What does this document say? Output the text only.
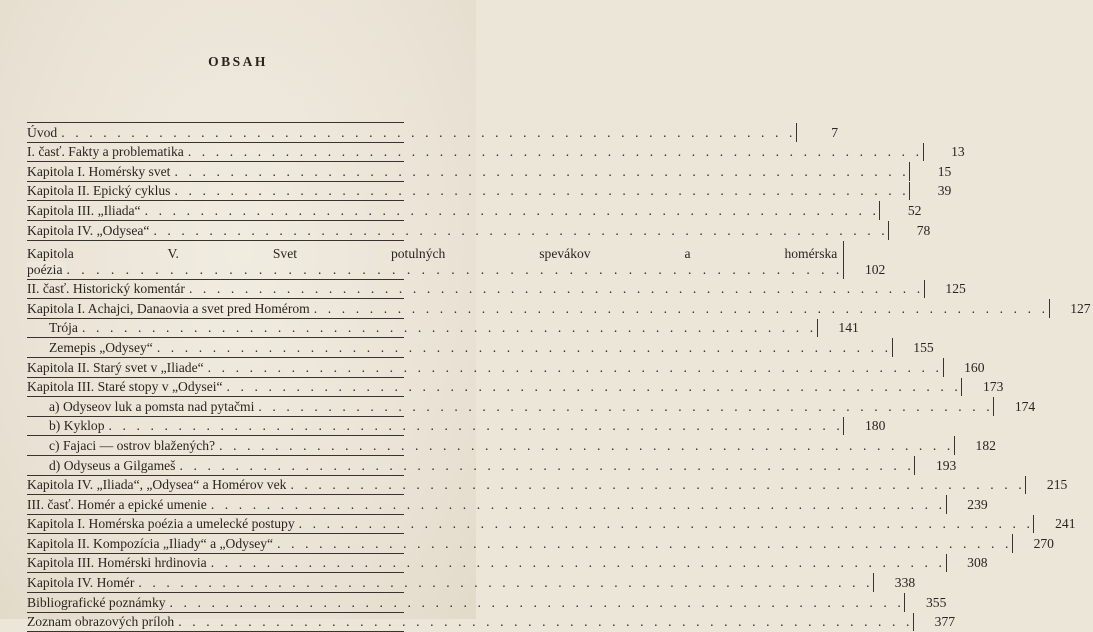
OBSAH
Úvod . . . . . . . . . . . . . . . . . . . . . . . . . . . . . . . . . . . . . . . . . . . . . . . . . . . . .	7
I. časť. Fakty a problematika . . . . . . . . . . . . . . . . . . . . . . . . . . . . . . . . . . . . . . . . . . . . . . . . . . . . .	13
Kapitola I. Homérsky svet . . . . . . . . . . . . . . . . . . . . . . . . . . . . . . . . . . . . . . . . . . . . . . . . . . . . .	15
Kapitola II. Epický cyklus . . . . . . . . . . . . . . . . . . . . . . . . . . . . . . . . . . . . . . . . . . . . . . . . . . . . .	39
Kapitola III. „Iliada“ . . . . . . . . . . . . . . . . . . . . . . . . . . . . . . . . . . . . . . . . . . . . . . . . . . . . .	52
Kapitola IV. „Odysea“ . . . . . . . . . . . . . . . . . . . . . . . . . . . . . . . . . . . . . . . . . . . . . . . . . . . . .	78
Kapitola V. Svet potulných spevákov a homérska
poézia . . . . . . . . . . . . . . . . . . . . . . . . . . . . . . . . . . . . . . . . . . . . . . . . . . . . .	102
II. časť. Historický komentár . . . . . . . . . . . . . . . . . . . . . . . . . . . . . . . . . . . . . . . . . . . . . . . . . . . . .	125
Kapitola I. Achajci, Danaovia a svet pred Homérom . . . . . . . . . . . . . . . . . . . . . . . . . . . . . . . . . . . . . . . . . . . . . . . . . . . . .	127
Trója . . . . . . . . . . . . . . . . . . . . . . . . . . . . . . . . . . . . . . . . . . . . . . . . . . . . .	141
Zemepis „Odysey“ . . . . . . . . . . . . . . . . . . . . . . . . . . . . . . . . . . . . . . . . . . . . . . . . . . . . .	155
Kapitola II. Starý svet v „Iliade“ . . . . . . . . . . . . . . . . . . . . . . . . . . . . . . . . . . . . . . . . . . . . . . . . . . . . .	160
Kapitola III. Staré stopy v „Odysei“ . . . . . . . . . . . . . . . . . . . . . . . . . . . . . . . . . . . . . . . . . . . . . . . . . . . . .	173
a) Odyseov luk a pomsta nad pytačmi . . . . . . . . . . . . . . . . . . . . . . . . . . . . . . . . . . . . . . . . . . . . . . . . . . . . .	174
b) Kyklop . . . . . . . . . . . . . . . . . . . . . . . . . . . . . . . . . . . . . . . . . . . . . . . . . . . . .	180
c) Fajaci — ostrov blažených? . . . . . . . . . . . . . . . . . . . . . . . . . . . . . . . . . . . . . . . . . . . . . . . . . . . . .	182
d) Odyseus a Gilgameš . . . . . . . . . . . . . . . . . . . . . . . . . . . . . . . . . . . . . . . . . . . . . . . . . . . . .	193
Kapitola IV. „Iliada“, „Odysea“ a Homérov vek . . . . . . . . . . . . . . . . . . . . . . . . . . . . . . . . . . . . . . . . . . . . . . . . . . . . .	215
III. časť. Homér a epické umenie . . . . . . . . . . . . . . . . . . . . . . . . . . . . . . . . . . . . . . . . . . . . . . . . . . . . .	239
Kapitola I. Homérska poézia a umelecké postupy . . . . . . . . . . . . . . . . . . . . . . . . . . . . . . . . . . . . . . . . . . . . . . . . . . . . .	241
Kapitola II. Kompozícia „Iliady“ a „Odysey“ . . . . . . . . . . . . . . . . . . . . . . . . . . . . . . . . . . . . . . . . . . . . . . . . . . . . .	270
Kapitola III. Homérski hrdinovia . . . . . . . . . . . . . . . . . . . . . . . . . . . . . . . . . . . . . . . . . . . . . . . . . . . . .	308
Kapitola IV. Homér . . . . . . . . . . . . . . . . . . . . . . . . . . . . . . . . . . . . . . . . . . . . . . . . . . . . .	338
Bibliografické poznámky . . . . . . . . . . . . . . . . . . . . . . . . . . . . . . . . . . . . . . . . . . . . . . . . . . . . .	355
Zoznam obrazových príloh . . . . . . . . . . . . . . . . . . . . . . . . . . . . . . . . . . . . . . . . . . . . . . . . . . . . .	377
